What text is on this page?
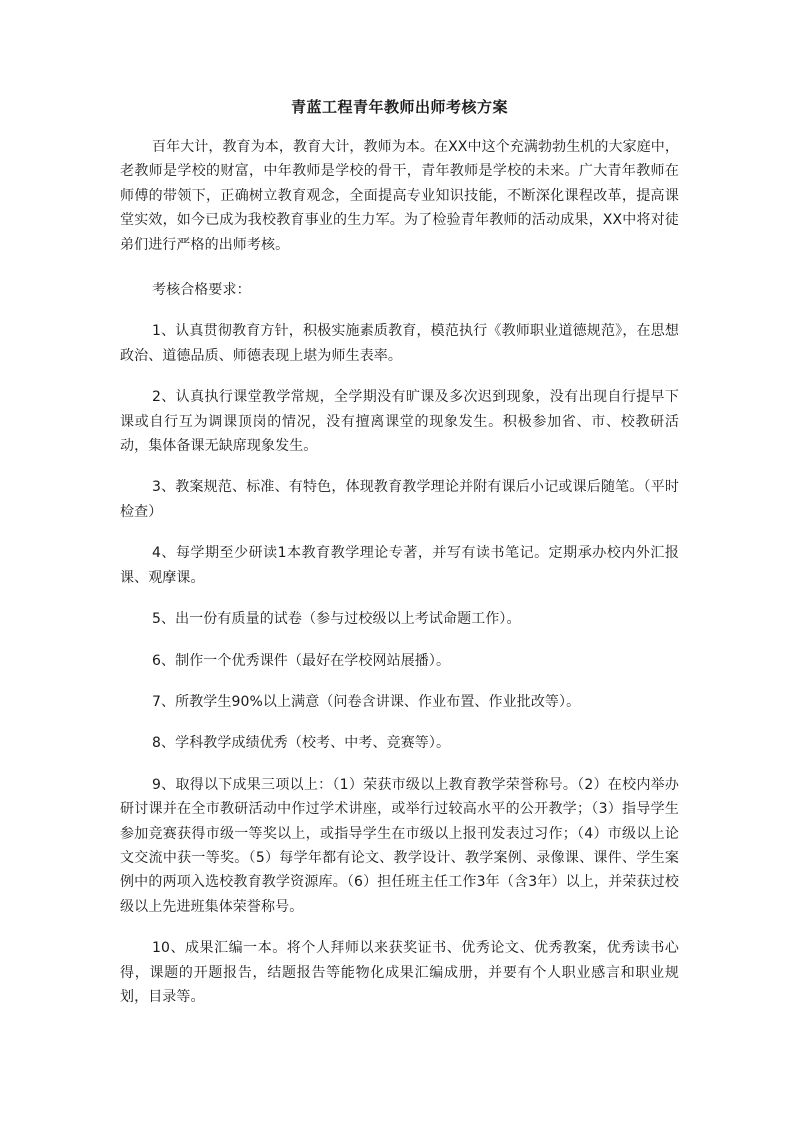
青蓝工程青年教师出师考核方案

百年大计，教育为本，教育大计，教师为本。在XX中这个充满勃勃生机的大家庭中，老教师是学校的财富，中年教师是学校的骨干，青年教师是学校的未来。广大青年教师在师傅的带领下，正确树立教育观念，全面提高专业知识技能，不断深化课程改革，提高课堂实效，如今已成为我校教育事业的生力军。为了检验青年教师的活动成果，XX中将对徒弟们进行严格的出师考核。

考核合格要求：

1、认真贯彻教育方针，积极实施素质教育，模范执行《教师职业道德规范》，在思想政治、道德品质、师德表现上堪为师生表率。

2、认真执行课堂教学常规，全学期没有旷课及多次迟到现象，没有出现自行提早下课或自行互为调课顶岗的情况，没有擅离课堂的现象发生。积极参加省、市、校教研活动，集体备课无缺席现象发生。

3、教案规范、标准、有特色，体现教育教学理论并附有课后小记或课后随笔。（平时检查）

4、每学期至少研读1本教育教学理论专著，并写有读书笔记。定期承办校内外汇报课、观摩课。

5、出一份有质量的试卷（参与过校级以上考试命题工作）。

6、制作一个优秀课件（最好在学校网站展播）。

7、所教学生90%以上满意（问卷含讲课、作业布置、作业批改等）。

8、学科教学成绩优秀（校考、中考、竞赛等）。

9、取得以下成果三项以上：（1）荣获市级以上教育教学荣誉称号。（2）在校内举办研讨课并在全市教研活动中作过学术讲座，或举行过较高水平的公开教学；（3）指导学生参加竞赛获得市级一等奖以上，或指导学生在市级以上报刊发表过习作；（4）市级以上论文交流中获一等奖。（5）每学年都有论文、教学设计、教学案例、录像课、课件、学生案例中的两项入选校教育教学资源库。（6）担任班主任工作3年（含3年）以上，并荣获过校级以上先进班集体荣誉称号。

10、成果汇编一本。将个人拜师以来获奖证书、优秀论文、优秀教案，优秀读书心得，课题的开题报告，结题报告等能物化成果汇编成册，并要有个人职业感言和职业规划，目录等。
